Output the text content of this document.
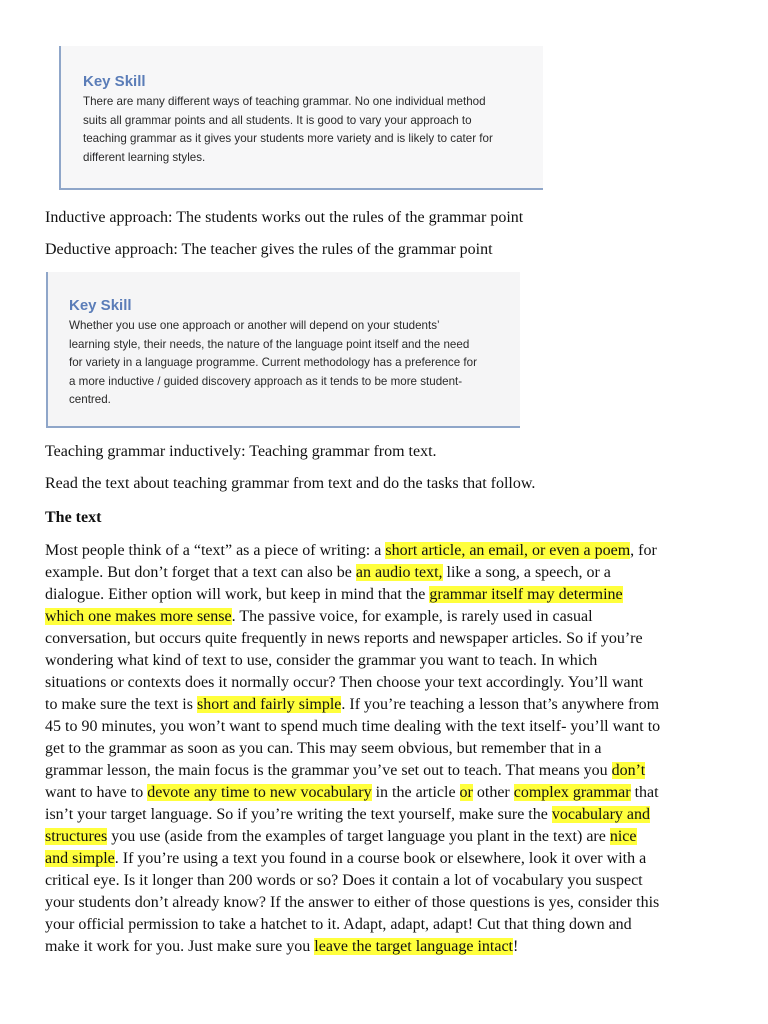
Key Skill
There are many different ways of teaching grammar. No one individual method
suits all grammar points and all students. It is good to vary your approach to
teaching grammar as it gives your students more variety and is likely to cater for
different learning styles.
Inductive approach: The students works out the rules of the grammar point
Deductive approach: The teacher gives the rules of the grammar point
Key Skill
Whether you use one approach or another will depend on your students’
learning style, their needs, the nature of the language point itself and the need
for variety in a language programme. Current methodology has a preference for
a more inductive / guided discovery approach as it tends to be more student-
centred.
Teaching grammar inductively: Teaching grammar from text.
Read the text about teaching grammar from text and do the tasks that follow.
The text
Most people think of a “text” as a piece of writing: a short article, an email, or even a poem, for
example. But don’t forget that a text can also be an audio text, like a song, a speech, or a
dialogue. Either option will work, but keep in mind that the grammar itself may determine
which one makes more sense. The passive voice, for example, is rarely used in casual
conversation, but occurs quite frequently in news reports and newspaper articles. So if you’re
wondering what kind of text to use, consider the grammar you want to teach. In which
situations or contexts does it normally occur? Then choose your text accordingly. You’ll want
to make sure the text is short and fairly simple. If you’re teaching a lesson that’s anywhere from
45 to 90 minutes, you won’t want to spend much time dealing with the text itself- you’ll want to
get to the grammar as soon as you can. This may seem obvious, but remember that in a
grammar lesson, the main focus is the grammar you’ve set out to teach. That means you don’t
want to have to devote any time to new vocabulary in the article or other complex grammar that
isn’t your target language. So if you’re writing the text yourself, make sure the vocabulary and
structures you use (aside from the examples of target language you plant in the text) are nice
and simple. If you’re using a text you found in a course book or elsewhere, look it over with a
critical eye. Is it longer than 200 words or so? Does it contain a lot of vocabulary you suspect
your students don’t already know? If the answer to either of those questions is yes, consider this
your official permission to take a hatchet to it. Adapt, adapt, adapt! Cut that thing down and
make it work for you. Just make sure you leave the target language intact!
